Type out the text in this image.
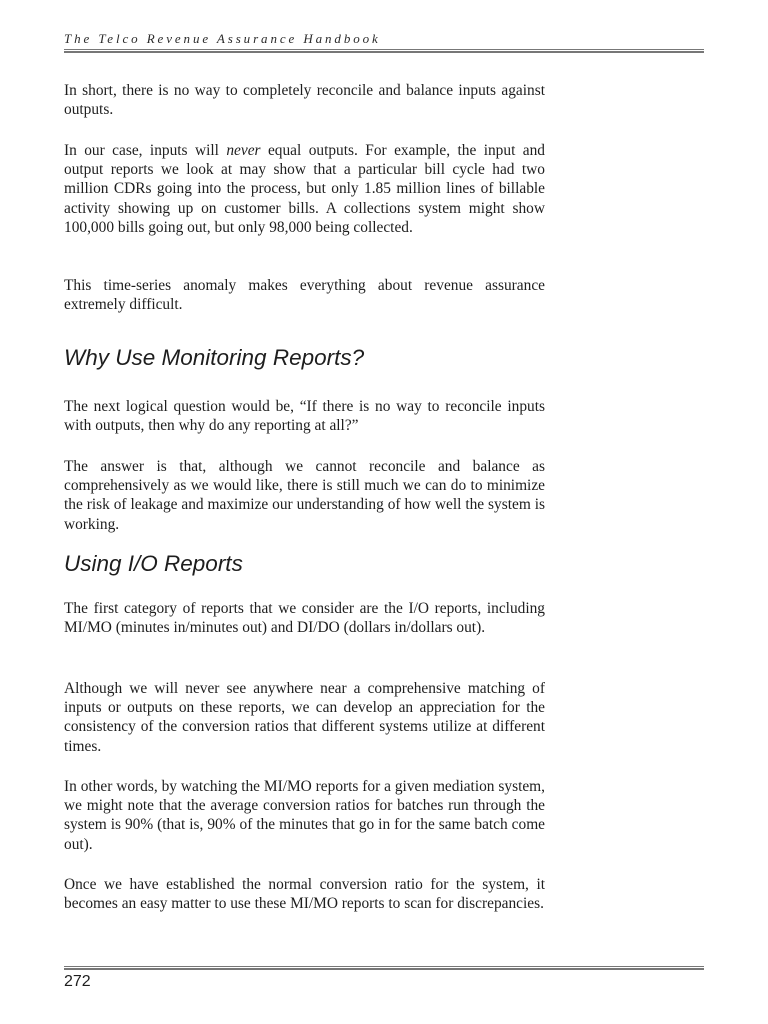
The Telco Revenue Assurance Handbook

In short, there is no way to completely reconcile and balance inputs against outputs.

In our case, inputs will never equal outputs. For example, the input and output reports we look at may show that a particular bill cycle had two million CDRs going into the process, but only 1.85 million lines of billable activity showing up on customer bills. A collections system might show 100,000 bills going out, but only 98,000 being collected.

This time-series anomaly makes everything about revenue assurance extremely difficult.

Why Use Monitoring Reports?

The next logical question would be, “If there is no way to reconcile inputs with outputs, then why do any reporting at all?”

The answer is that, although we cannot reconcile and balance as comprehensively as we would like, there is still much we can do to minimize the risk of leakage and maximize our understanding of how well the system is working.

Using I/O Reports

The first category of reports that we consider are the I/O reports, including MI/MO (minutes in/minutes out) and DI/DO (dollars in/dollars out).

Although we will never see anywhere near a comprehensive matching of inputs or outputs on these reports, we can develop an appreciation for the consistency of the conversion ratios that different systems utilize at different times.

In other words, by watching the MI/MO reports for a given mediation system, we might note that the average conversion ratios for batches run through the system is 90% (that is, 90% of the minutes that go in for the same batch come out).

Once we have established the normal conversion ratio for the system, it becomes an easy matter to use these MI/MO reports to scan for discrepancies.

272
